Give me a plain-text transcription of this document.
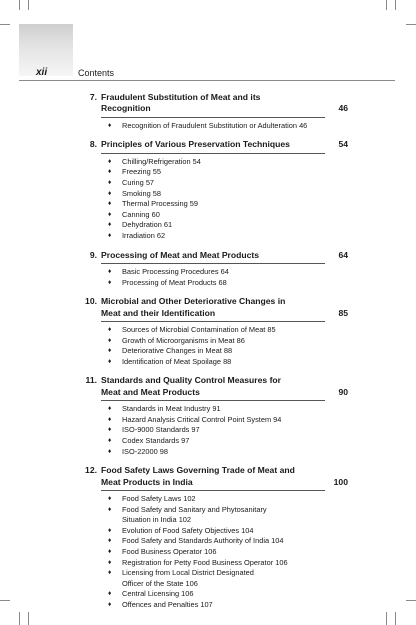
xii	Contents
7. Fraudulent Substitution of Meat and its
Recognition	46
♦	Recognition of Fraudulent Substitution or Adulteration 46
8. Principles of Various Preservation Techniques	54
♦	Chilling/Refrigeration 54
♦	Freezing 55
♦	Curing 57
♦	Smoking 58
♦	Thermal Processing 59
♦	Canning 60
♦	Dehydration 61
♦	Irradiation 62
9. Processing of Meat and Meat Products	64
♦	Basic Processing Procedures 64
♦	Processing of Meat Products 68
10. Microbial and Other Deteriorative Changes in
Meat and their Identification	85
♦	Sources of Microbial Contamination of Meat 85
♦	Growth of Microorganisms in Meat 86
♦	Deteriorative Changes in Meat 88
♦	Identification of Meat Spoilage 88
11. Standards and Quality Control Measures for
Meat and Meat Products	90
♦	Standards in Meat Industry 91
♦	Hazard Analysis Critical Control Point System 94
♦	ISO-9000 Standards 97
♦	Codex Standards 97
♦	ISO-22000 98
12. Food Safety Laws Governing Trade of Meat and
Meat Products in India	100
♦	Food Safety Laws 102
♦	Food Safety and Sanitary and Phytosanitary
Situation in India 102
♦	Evolution of Food Safety Objectives 104
♦	Food Safety and Standards Authority of India 104
♦	Food Business Operator 106
♦	Registration for Petty Food Business Operator 106
♦	Licensing from Local District Designated
Officer of the State 106
♦	Central Licensing 106
♦	Offences and Penalties 107
